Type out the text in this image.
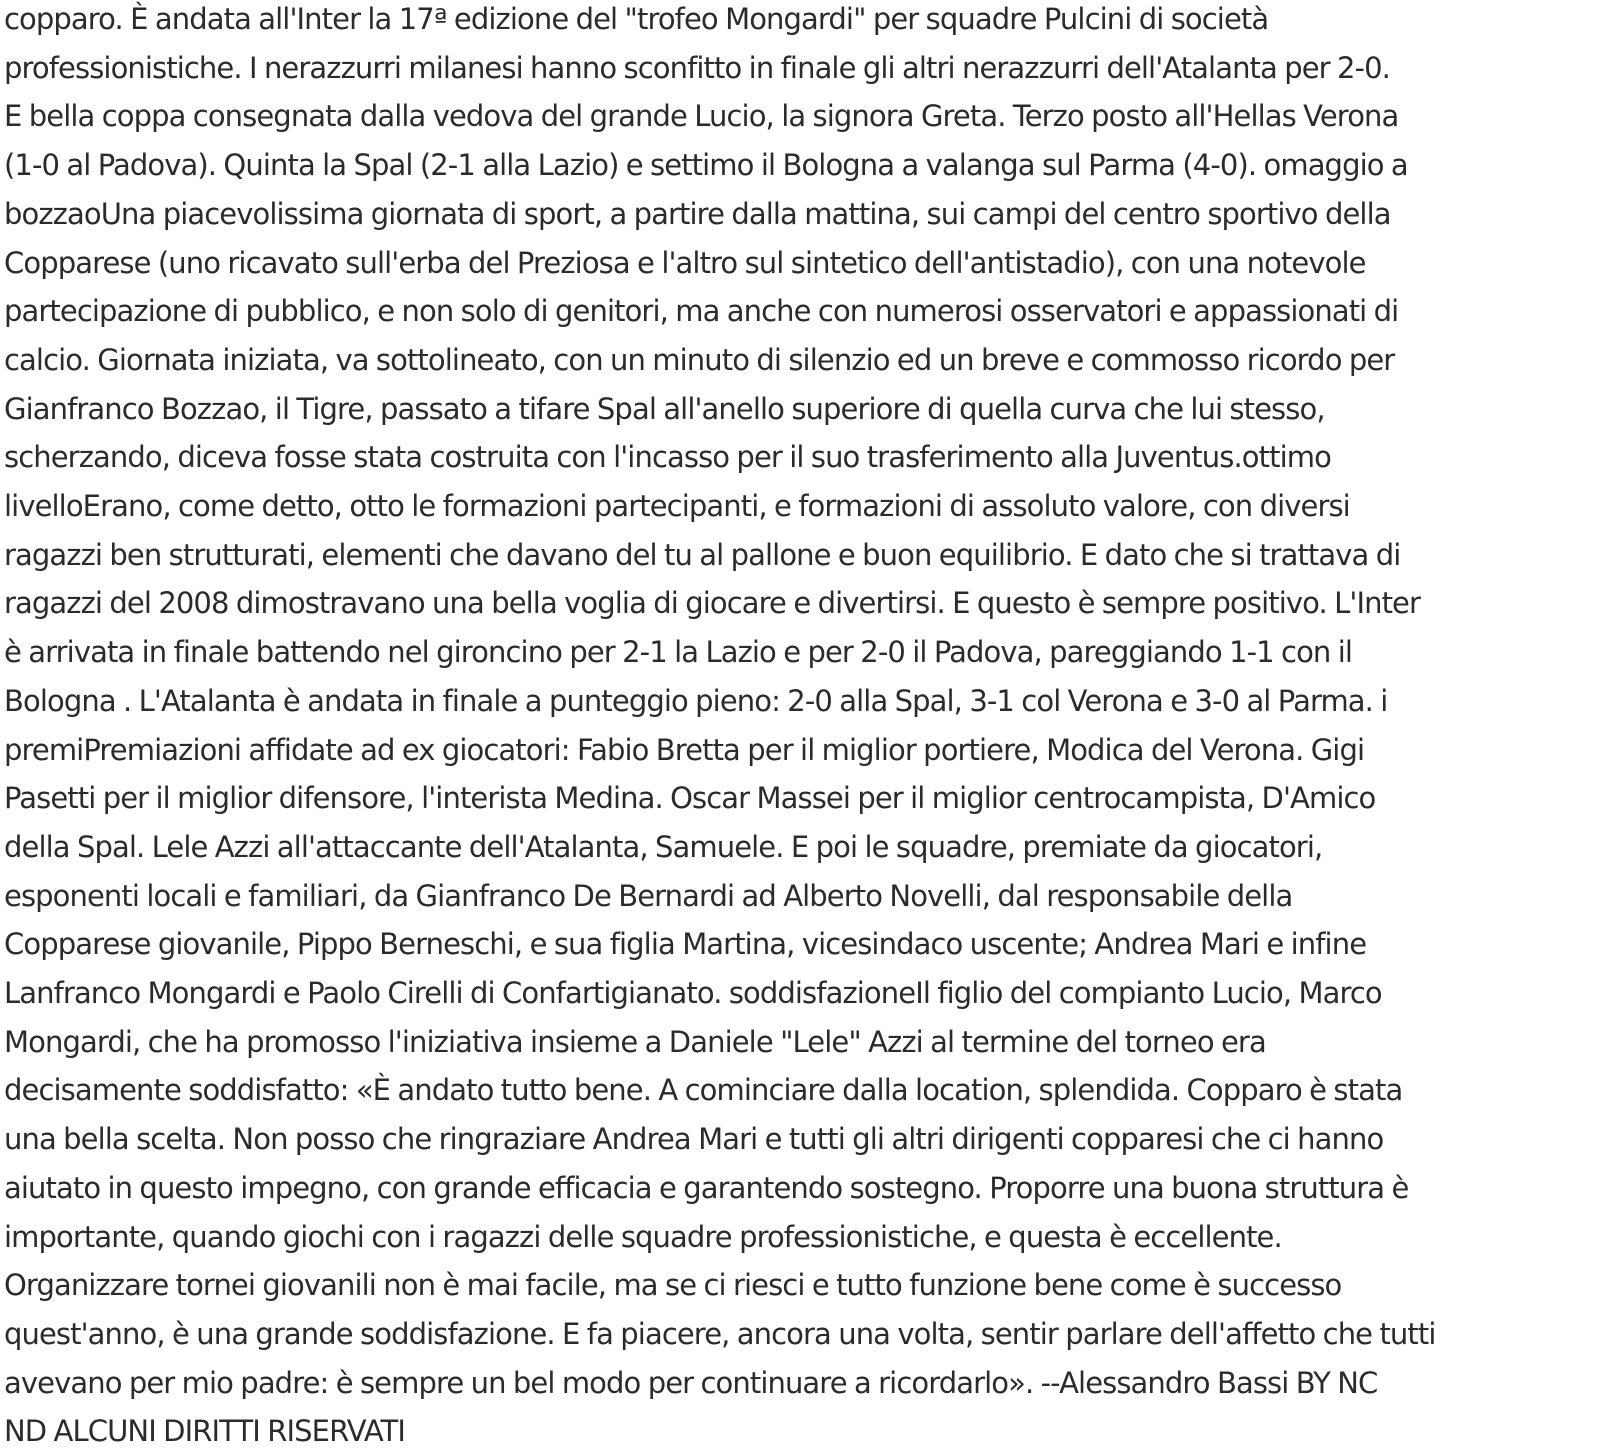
copparo. È andata all'Inter la 17ª edizione del "trofeo Mongardi" per squadre Pulcini di società
professionistiche. I nerazzurri milanesi hanno sconfitto in finale gli altri nerazzurri dell'Atalanta per 2-0.
E bella coppa consegnata dalla vedova del grande Lucio, la signora Greta. Terzo posto all'Hellas Verona
(1-0 al Padova). Quinta la Spal (2-1 alla Lazio) e settimo il Bologna a valanga sul Parma (4-0). omaggio a
bozzaoUna piacevolissima giornata di sport, a partire dalla mattina, sui campi del centro sportivo della
Copparese (uno ricavato sull'erba del Preziosa e l'altro sul sintetico dell'antistadio), con una notevole
partecipazione di pubblico, e non solo di genitori, ma anche con numerosi osservatori e appassionati di
calcio. Giornata iniziata, va sottolineato, con un minuto di silenzio ed un breve e commosso ricordo per
Gianfranco Bozzao, il Tigre, passato a tifare Spal all'anello superiore di quella curva che lui stesso,
scherzando, diceva fosse stata costruita con l'incasso per il suo trasferimento alla Juventus.ottimo
livelloErano, come detto, otto le formazioni partecipanti, e formazioni di assoluto valore, con diversi
ragazzi ben strutturati, elementi che davano del tu al pallone e buon equilibrio. E dato che si trattava di
ragazzi del 2008 dimostravano una bella voglia di giocare e divertirsi. E questo è sempre positivo. L'Inter
è arrivata in finale battendo nel gironcino per 2-1 la Lazio e per 2-0 il Padova, pareggiando 1-1 con il
Bologna . L'Atalanta è andata in finale a punteggio pieno: 2-0 alla Spal, 3-1 col Verona e 3-0 al Parma. i
premiPremiazioni affidate ad ex giocatori: Fabio Bretta per il miglior portiere, Modica del Verona. Gigi
Pasetti per il miglior difensore, l'interista Medina. Oscar Massei per il miglior centrocampista, D'Amico
della Spal. Lele Azzi all'attaccante dell'Atalanta, Samuele. E poi le squadre, premiate da giocatori,
esponenti locali e familiari, da Gianfranco De Bernardi ad Alberto Novelli, dal responsabile della
Copparese giovanile, Pippo Berneschi, e sua figlia Martina, vicesindaco uscente; Andrea Mari e infine
Lanfranco Mongardi e Paolo Cirelli di Confartigianato. soddisfazioneIl figlio del compianto Lucio, Marco
Mongardi, che ha promosso l'iniziativa insieme a Daniele "Lele" Azzi al termine del torneo era
decisamente soddisfatto: «È andato tutto bene. A cominciare dalla location, splendida. Copparo è stata
una bella scelta. Non posso che ringraziare Andrea Mari e tutti gli altri dirigenti copparesi che ci hanno
aiutato in questo impegno, con grande efficacia e garantendo sostegno. Proporre una buona struttura è
importante, quando giochi con i ragazzi delle squadre professionistiche, e questa è eccellente.
Organizzare tornei giovanili non è mai facile, ma se ci riesci e tutto funzione bene come è successo
quest'anno, è una grande soddisfazione. E fa piacere, ancora una volta, sentir parlare dell'affetto che tutti
avevano per mio padre: è sempre un bel modo per continuare a ricordarlo». --Alessandro Bassi BY NC
ND ALCUNI DIRITTI RISERVATI
